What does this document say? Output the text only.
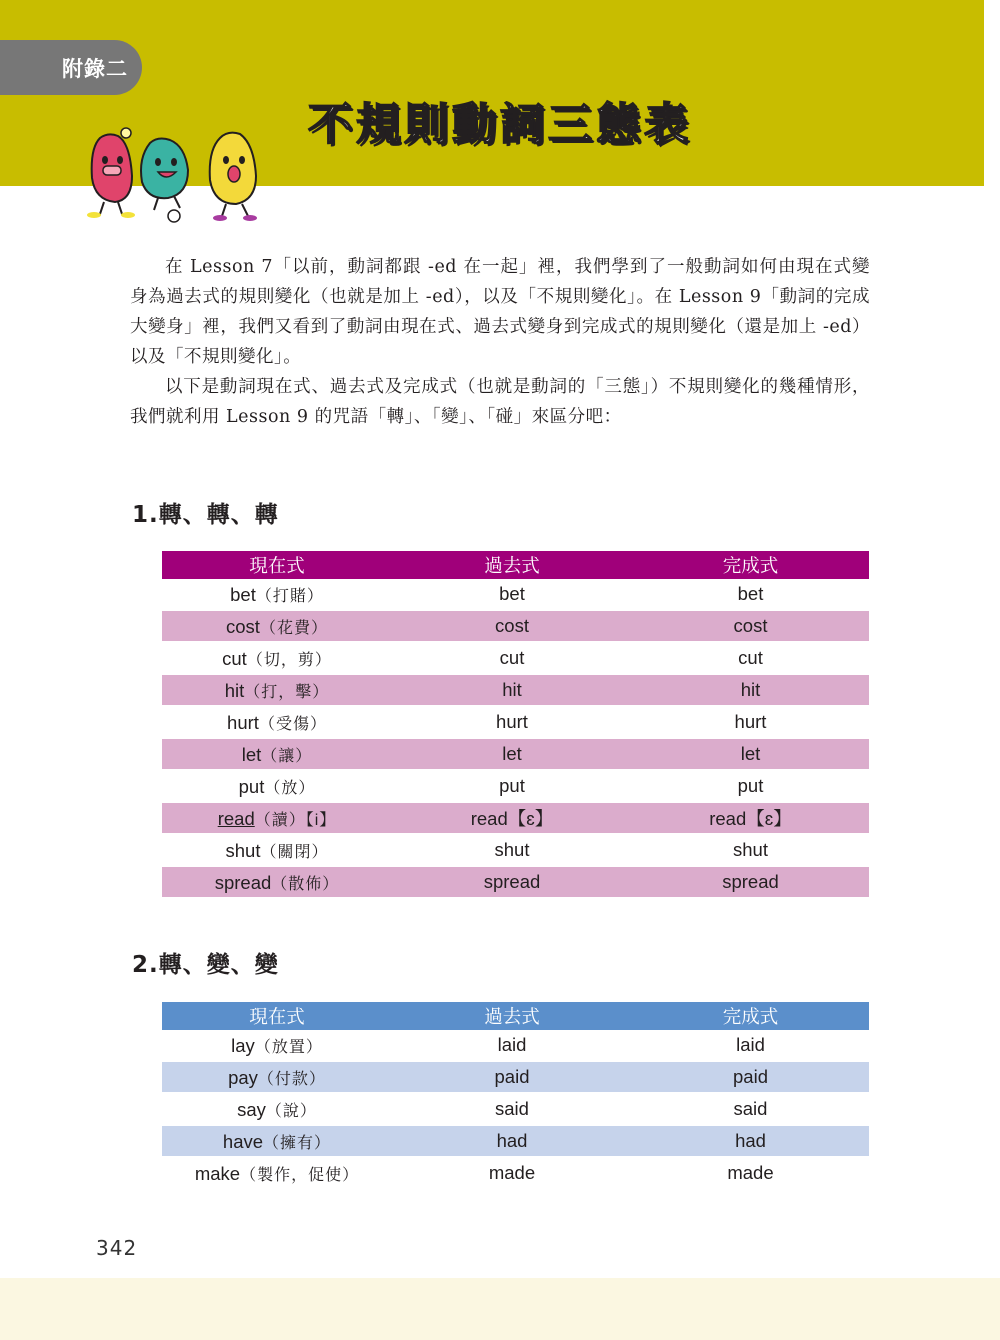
附錄二
不規則動詞三態表

在 Lesson 7「以前，動詞都跟 -ed 在一起」裡，我們學到了一般動詞如何由現在式變身為過去式的規則變化（也就是加上 -ed），以及「不規則變化」。在 Lesson 9「動詞的完成大變身」裡，我們又看到了動詞由現在式、過去式變身到完成式的規則變化（還是加上 -ed）以及「不規則變化」。

以下是動詞現在式、過去式及完成式（也就是動詞的「三態」）不規則變化的幾種情形，我們就利用 Lesson 9 的咒語「轉」、「變」、「碰」來區分吧：

1.轉、轉、轉
現在式	過去式	完成式
bet（打賭）	bet	bet
cost（花費）	cost	cost
cut（切，剪）	cut	cut
hit（打，擊）	hit	hit
hurt（受傷）	hurt	hurt
let（讓）	let	let
put（放）	put	put
read（讀）【i】	read【ɛ】	read【ɛ】
shut（關閉）	shut	shut
spread（散佈）	spread	spread
2.轉、變、變
現在式	過去式	完成式
lay（放置）	laid	laid
pay（付款）	paid	paid
say（說）	said	said
have（擁有）	had	had
make（製作，促使）	made	made
342
